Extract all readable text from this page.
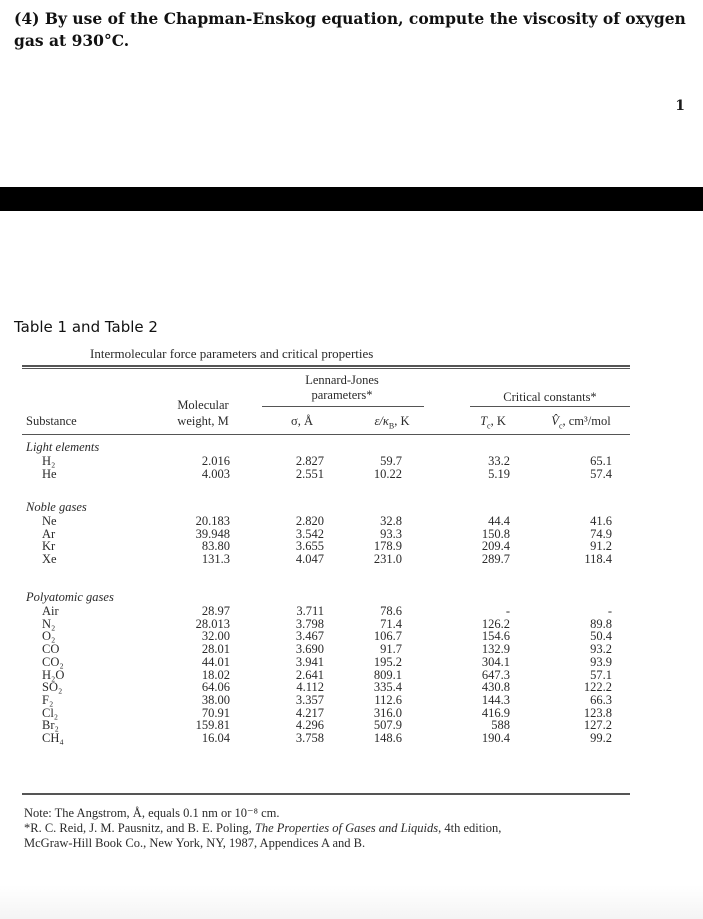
(4) By use of the Chapman-Enskog equation, compute the viscosity of oxygen gas at 930°C.
1
Table 1 and Table 2
Intermolecular force parameters and critical properties
Lennard-Jones
parameters*	Critical constants*
Molecular
weight, M
Substance	σ, Å	$\varepsilon/\kappa_B$, K	$T_c$, K	$V̂_c$, cm³/mol
Light elements
H₂	2.016	2.827	59.7	33.2	65.1
He	4.003	2.551	10.22	5.19	57.4
Noble gases
Ne	20.183	2.820	32.8	44.4	41.6
Ar	39.948	3.542	93.3	150.8	74.9
Kr	83.80	3.655	178.9	209.4	91.2
Xe	131.3	4.047	231.0	289.7	118.4
Polyatomic gases
Air	28.97	3.711	78.6	-	-
N₂	28.013	3.798	71.4	126.2	89.8
O₂	32.00	3.467	106.7	154.6	50.4
CO	28.01	3.690	91.7	132.9	93.2
CO₂	44.01	3.941	195.2	304.1	93.9
H₂O	18.02	2.641	809.1	647.3	57.1
SO₂	64.06	4.112	335.4	430.8	122.2
F₂	38.00	3.357	112.6	144.3	66.3
Cl₂	70.91	4.217	316.0	416.9	123.8
Br₂	159.81	4.296	507.9	588	127.2
CH₄	16.04	3.758	148.6	190.4	99.2
Note: The Angstrom, Å, equals 0.1 nm or 10⁻⁸ cm.
*R. C. Reid, J. M. Pausnitz, and B. E. Poling, The Properties of Gases and Liquids, 4th edition,
McGraw-Hill Book Co., New York, NY, 1987, Appendices A and B.
